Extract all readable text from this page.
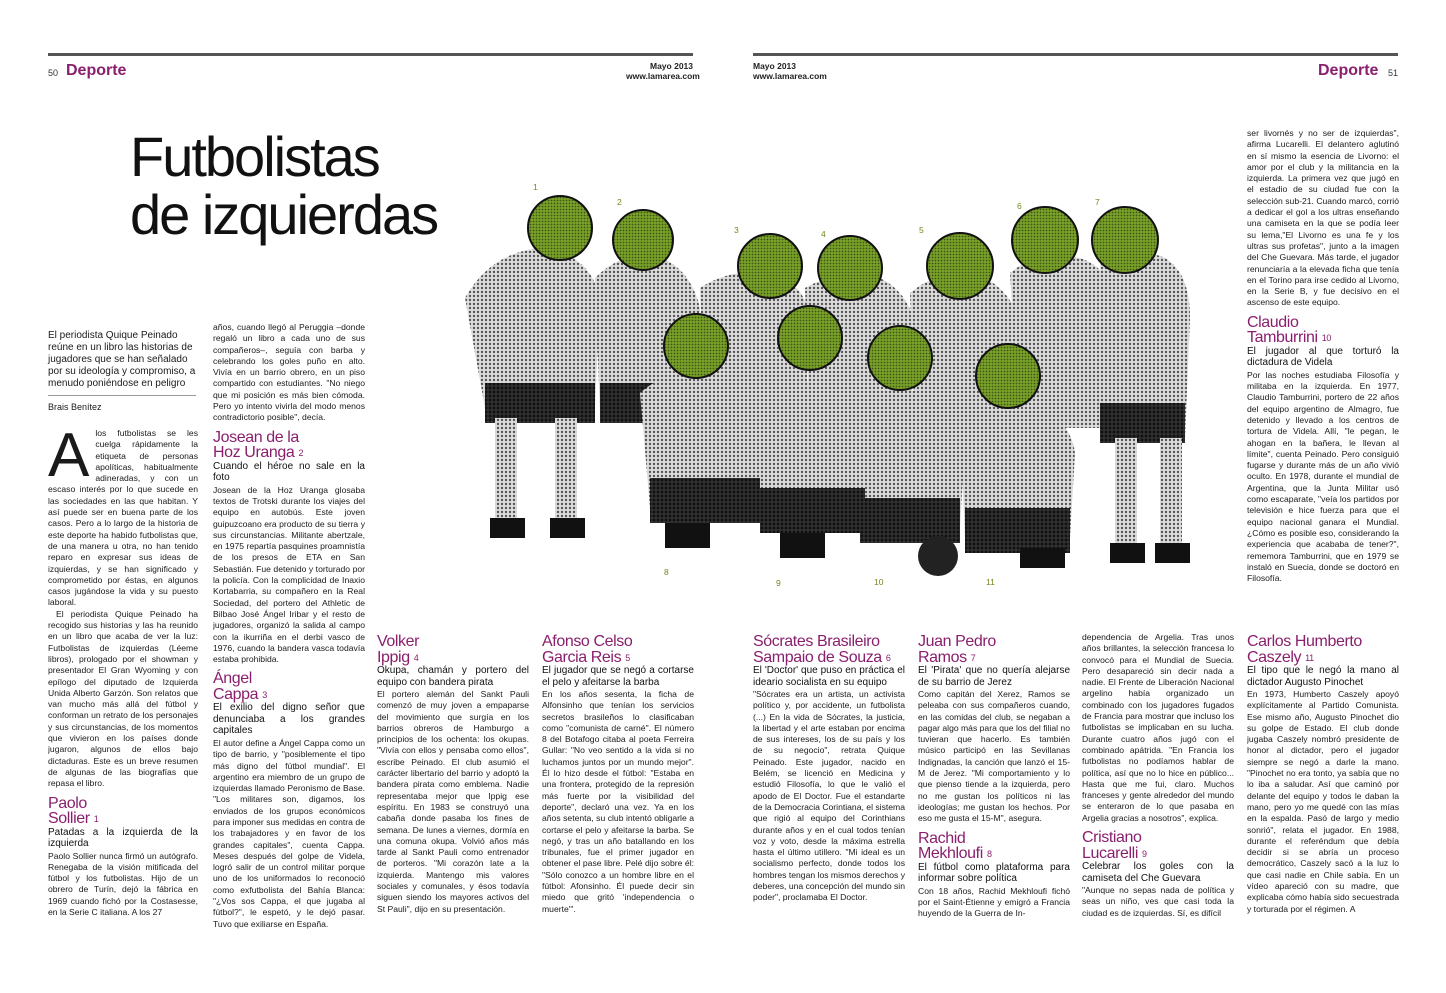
50 Deporte	Mayo 2013
www.lamarea.com
Mayo 2013
www.lamarea.com	Deporte 51
Futbolistas
de izquierdas
El periodista Quique Peinado reúne en un libro las historias de jugadores que se han señalado por su ideología y compromiso, a menudo poniéndose en peligro
Brais Benítez

Alos futbolistas se les cuelga rápidamente la etiqueta de personas apolíticas, habitualmente adineradas, y con un escaso interés por lo que sucede en las sociedades en las que habitan. Y así puede ser en buena parte de los casos. Pero a lo largo de la historia de este deporte ha habido futbolistas que, de una manera u otra, no han tenido reparo en expresar sus ideas de izquierdas, y se han significado y comprometido por éstas, en algunos casos jugándose la vida y su puesto laboral.

El periodista Quique Peinado ha recogido sus historias y las ha reunido en un libro que acaba de ver la luz: Futbolistas de izquierdas (Léeme libros), prologado por el showman y presentador El Gran Wyoming y con epílogo del diputado de Izquierda Unida Alberto Garzón. Son relatos que van mucho más allá del fútbol y conforman un retrato de los personajes y sus circunstancias, de los momentos que vivieron en los países donde jugaron, algunos de ellos bajo dictaduras. Este es un breve resumen de algunas de las biografías que repasa el libro.

Paolo
Sollier $^1$
Patadas a la izquierda de la izquierda

Paolo Sollier nunca firmó un autógrafo. Renegaba de la visión mitificada del fútbol y los futbolistas. Hijo de un obrero de Turín, dejó la fábrica en 1969 cuando fichó por la Costasesse, en la Serie C italiana. A los 27

años, cuando llegó al Peruggia –donde regaló un libro a cada uno de sus compañeros–, seguía con barba y celebrando los goles puño en alto. Vivía en un barrio obrero, en un piso compartido con estudiantes. "No niego que mi posición es más bien cómoda. Pero yo intento vivirla del modo menos contradictorio posible", decía.

Josean de la
Hoz Uranga $^2$
Cuando el héroe no sale en la foto

Josean de la Hoz Uranga glosaba textos de Trotski durante los viajes del equipo en autobús. Este joven guipuzcoano era producto de su tierra y sus circunstancias. Militante abertzale, en 1975 repartía pasquines proamnistía de los presos de ETA en San Sebastián. Fue detenido y torturado por la policía. Con la complicidad de Inaxio Kortabarria, su compañero en la Real Sociedad, del portero del Athletic de Bilbao José Ángel Iribar y el resto de jugadores, organizó la salida al campo con la ikurriña en el derbi vasco de 1976, cuando la bandera vasca todavía estaba prohibida.

Ángel
Cappa $^3$
El exilio del digno señor que denunciaba a los grandes capitales

El autor define a Ángel Cappa como un tipo de barrio, y "posiblemente el tipo más digno del fútbol mundial". El argentino era miembro de un grupo de izquierdas llamado Peronismo de Base. "Los militares son, digamos, los enviados de los grupos económicos para imponer sus medidas en contra de los trabajadores y en favor de los grandes capitales", cuenta Cappa. Meses después del golpe de Videla, logró salir de un control militar porque uno de los uniformados lo reconoció como exfutbolista del Bahía Blanca: "¿Vos sos Cappa, el que jugaba al fútbol?", le espetó, y le dejó pasar. Tuvo que exiliarse en España.

Volker
Ippig $^4$
Okupa, chamán y portero del equipo con bandera pirata

El portero alemán del Sankt Pauli comenzó de muy joven a empaparse del movimiento que surgía en los barrios obreros de Hamburgo a principios de los ochenta: los okupas. "Vivía con ellos y pensaba como ellos", escribe Peinado. El club asumió el carácter libertario del barrio y adoptó la bandera pirata como emblema. Nadie representaba mejor que Ippig ese espíritu. En 1983 se construyó una cabaña donde pasaba los fines de semana. De lunes a viernes, dormía en una comuna okupa. Volvió años más tarde al Sankt Pauli como entrenador de porteros. "Mi corazón late a la izquierda. Mantengo mis valores sociales y comunales, y ésos todavía siguen siendo los mayores activos del St Pauli", dijo en su presentación.

Afonso Celso
Garcia Reis $^5$
El jugador que se negó a cortarse el pelo y afeitarse la barba

En los años sesenta, la ficha de Alfonsinho que tenían los servicios secretos brasileños lo clasificaban como "comunista de carné". El número 8 del Botafogo citaba al poeta Ferreira Gullar: "No veo sentido a la vida si no luchamos juntos por un mundo mejor". Él lo hizo desde el fútbol: "Estaba en una frontera, protegido de la represión más fuerte por la visibilidad del deporte", declaró una vez. Ya en los años setenta, su club intentó obligarle a cortarse el pelo y afeitarse la barba. Se negó, y tras un año batallando en los tribunales, fue el primer jugador en obtener el pase libre. Pelé dijo sobre él: "Sólo conozco a un hombre libre en el fútbol: Afonsinho. Él puede decir sin miedo que gritó 'independencia o muerte'".

Sócrates Brasileiro
Sampaio de Souza $^6$
El 'Doctor' que puso en práctica el ideario socialista en su equipo

"Sócrates era un artista, un activista político y, por accidente, un futbolista (...) En la vida de Sócrates, la justicia, la libertad y el arte estaban por encima de sus intereses, los de su país y los de su negocio", retrata Quique Peinado. Este jugador, nacido en Belém, se licenció en Medicina y estudió Filosofía, lo que le valió el apodo de El Doctor. Fue el estandarte de la Democracia Corintiana, el sistema que rigió al equipo del Corinthians durante años y en el cual todos tenían voz y voto, desde la máxima estrella hasta el último utillero. "Mi ideal es un socialismo perfecto, donde todos los hombres tengan los mismos derechos y deberes, una concepción del mundo sin poder", proclamaba El Doctor.

Juan Pedro
Ramos $^7$
El 'Pirata' que no quería alejarse de su barrio de Jerez

Como capitán del Xerez, Ramos se peleaba con sus compañeros cuando, en las comidas del club, se negaban a pagar algo más para que los del filial no tuvieran que hacerlo. Es también músico participó en las Sevillanas Indignadas, la canción que lanzó el 15-M de Jerez. "Mi comportamiento y lo que pienso tiende a la izquierda, pero no me gustan los políticos ni las ideologías; me gustan los hechos. Por eso me gusta el 15-M", asegura.

Rachid
Mekhloufi $^8$
El fútbol como plataforma para informar sobre política

Con 18 años, Rachid Mekhloufi fichó por el Saint-Étienne y emigró a Francia huyendo de la Guerra de In-

dependencia de Argelia. Tras unos años brillantes, la selección francesa lo convocó para el Mundial de Suecia. Pero desapareció sin decir nada a nadie. El Frente de Liberación Nacional argelino había organizado un combinado con los jugadores fugados de Francia para mostrar que incluso los futbolistas se implicaban en su lucha. Durante cuatro años jugó con el combinado apátrida. "En Francia los futbolistas no podíamos hablar de política, así que no lo hice en público... Hasta que me fui, claro. Muchos franceses y gente alrededor del mundo se enteraron de lo que pasaba en Argelia gracias a nosotros", explica.

Cristiano
Lucarelli $^9$
Celebrar los goles con la camiseta del Che Guevara

"Aunque no sepas nada de política y seas un niño, ves que casi toda la ciudad es de izquierdas. Sí, es difícil

ser livornés y no ser de izquierdas", afirma Lucarelli. El delantero aglutinó en sí mismo la esencia de Livorno: el amor por el club y la militancia en la izquierda. La primera vez que jugó en el estadio de su ciudad fue con la selección sub-21. Cuando marcó, corrió a dedicar el gol a los ultras enseñando una camiseta en la que se podía leer su lema,"El Livorno es una fe y los ultras sus profetas", junto a la imagen del Che Guevara. Más tarde, el jugador renunciaría a la elevada ficha que tenía en el Torino para irse cedido al Livorno, en la Serie B, y fue decisivo en el ascenso de este equipo.

Claudio
Tamburrini $^{10}$
El jugador al que torturó la dictadura de Videla

Por las noches estudiaba Filosofía y militaba en la izquierda. En 1977, Claudio Tamburrini, portero de 22 años del equipo argentino de Almagro, fue detenido y llevado a los centros de tortura de Videla. Allí, "le pegan, le ahogan en la bañera, le llevan al límite", cuenta Peinado. Pero consiguió fugarse y durante más de un año vivió oculto. En 1978, durante el mundial de Argentina, que la Junta Militar usó como escaparate, "veía los partidos por televisión e hice fuerza para que el equipo nacional ganara el Mundial. ¿Cómo es posible eso, considerando la experiencia que acababa de tener?", rememora Tamburrini, que en 1979 se instaló en Suecia, donde se doctoró en Filosofía.

Carlos Humberto
Caszely $^{11}$
El tipo que le negó la mano al dictador Augusto Pinochet

En 1973, Humberto Caszely apoyó explícitamente al Partido Comunista. Ese mismo año, Augusto Pinochet dio su golpe de Estado. El club donde jugaba Caszely nombró presidente de honor al dictador, pero el jugador siempre se negó a darle la mano. "Pinochet no era tonto, ya sabía que no lo iba a saludar. Así que caminó por delante del equipo y todos le daban la mano, pero yo me quedé con las mías en la espalda. Pasó de largo y medio sonrió", relata el jugador. En 1988, durante el referéndum que debía decidir si se abría un proceso democrático, Caszely sacó a la luz lo que casi nadie en Chile sabía. En un vídeo apareció con su madre, que explicaba cómo había sido secuestrada y torturada por el régimen. A

1
2
3	4	5
6	7
8
9	10	11
